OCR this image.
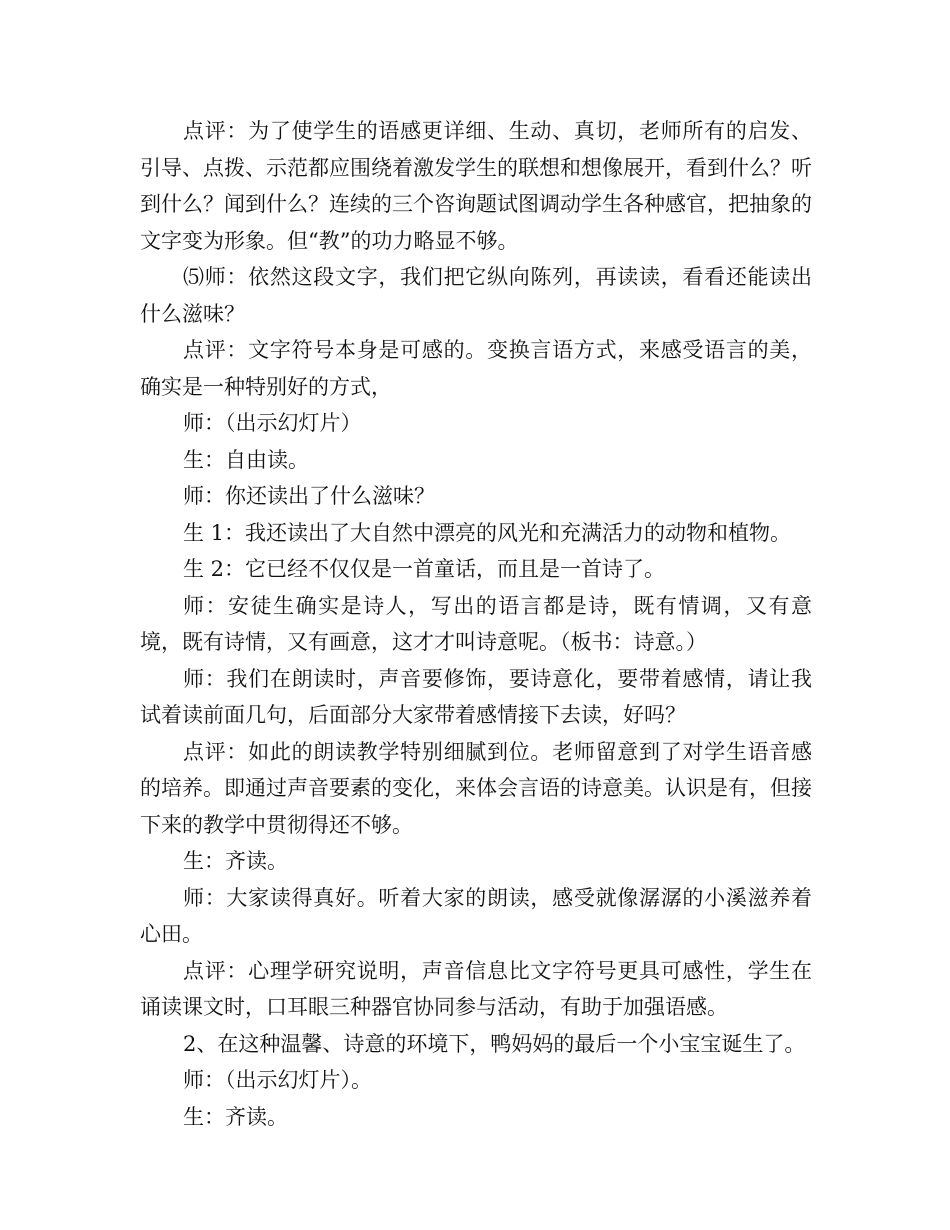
点评：为了使学生的语感更详细、生动、真切，老师所有的启发、引导、点拨、示范都应围绕着激发学生的联想和想像展开，看到什么？听到什么？闻到什么？连续的三个咨询题试图调动学生各种感官，把抽象的文字变为形象。但“教”的功力略显不够。

⑸师：依然这段文字，我们把它纵向陈列，再读读，看看还能读出什么滋味？

点评：文字符号本身是可感的。变换言语方式，来感受语言的美，确实是一种特别好的方式，

师：（出示幻灯片）

生：自由读。

师：你还读出了什么滋味？

生 1：我还读出了大自然中漂亮的风光和充满活力的动物和植物。

生 2：它已经不仅仅是一首童话，而且是一首诗了。

师：安徒生确实是诗人，写出的语言都是诗，既有情调，又有意境，既有诗情，又有画意，这才才叫诗意呢。（板书：诗意。）

师：我们在朗读时，声音要修饰，要诗意化，要带着感情，请让我试着读前面几句，后面部分大家带着感情接下去读，好吗？

点评：如此的朗读教学特别细腻到位。老师留意到了对学生语音感的培养。即通过声音要素的变化，来体会言语的诗意美。认识是有，但接下来的教学中贯彻得还不够。

生：齐读。

师：大家读得真好。听着大家的朗读，感受就像潺潺的小溪滋养着心田。

点评：心理学研究说明，声音信息比文字符号更具可感性，学生在诵读课文时，口耳眼三种器官协同参与活动，有助于加强语感。

2、在这种温馨、诗意的环境下，鸭妈妈的最后一个小宝宝诞生了。

师：（出示幻灯片）。

生：齐读。
